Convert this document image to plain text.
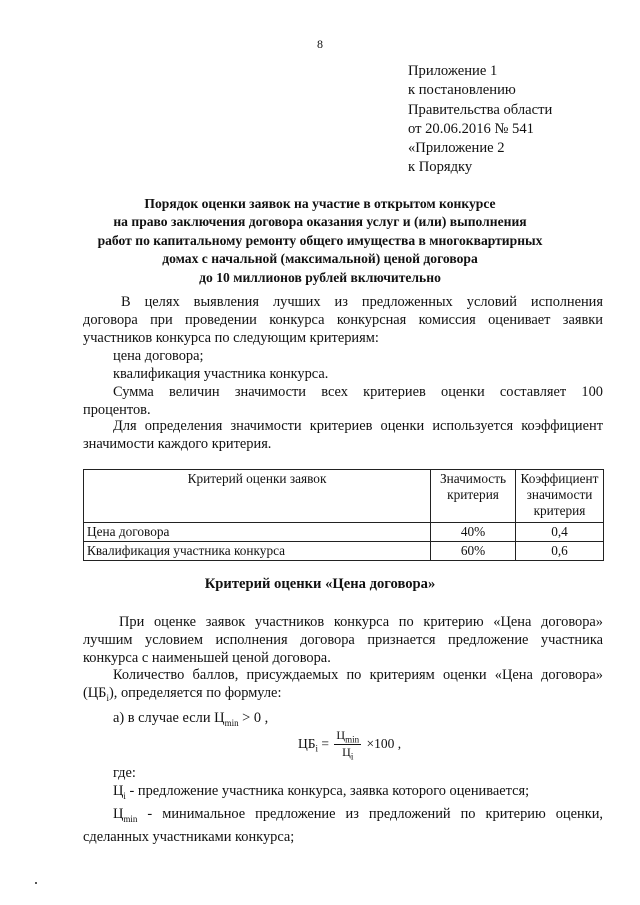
8
Приложение 1
к постановлению
Правительства области
от 20.06.2016 № 541
«Приложение 2
к Порядку
Порядок оценки заявок на участие в открытом конкурсе
на право заключения договора оказания услуг и (или) выполнения
работ по капитальному ремонту общего имущества в многоквартирных
домах с начальной (максимальной) ценой договора
до 10 миллионов рублей включительно
В целях выявления лучших из предложенных условий исполнения
договора при проведении конкурса конкурсная комиссия оценивает заявки
участников конкурса по следующим критериям:
цена договора;
квалификация участника конкурса.
Сумма величин значимости всех критериев оценки составляет 100
процентов.
Для определения значимости критериев оценки используется коэффициент
значимости каждого критерия.
Критерий оценки заявок	Значимость критерия	Коэффициент значимости критерия
Цена договора	40%	0,4
Квалификация участника конкурса	60%	0,6
Критерий оценки «Цена договора»
При оценке заявок участников конкурса по критерию «Цена договора»
лучшим условием исполнения договора признается предложение участника
конкурса с наименьшей ценой договора.
Количество баллов, присуждаемых по критериям оценки «Цена договора»
$(ЦБ_i)$, определяется по формуле:
а) в случае если $Ц_{min} > 0$ ,
$ЦБ_i = \frac{Ц_{min}}{Ц_i} \times 100$ ,
где:
$Ц_i$ - предложение участника конкурса, заявка которого оценивается;
$Ц_{min}$ - минимальное предложение из предложений по критерию оценки,
сделанных участниками конкурса;
